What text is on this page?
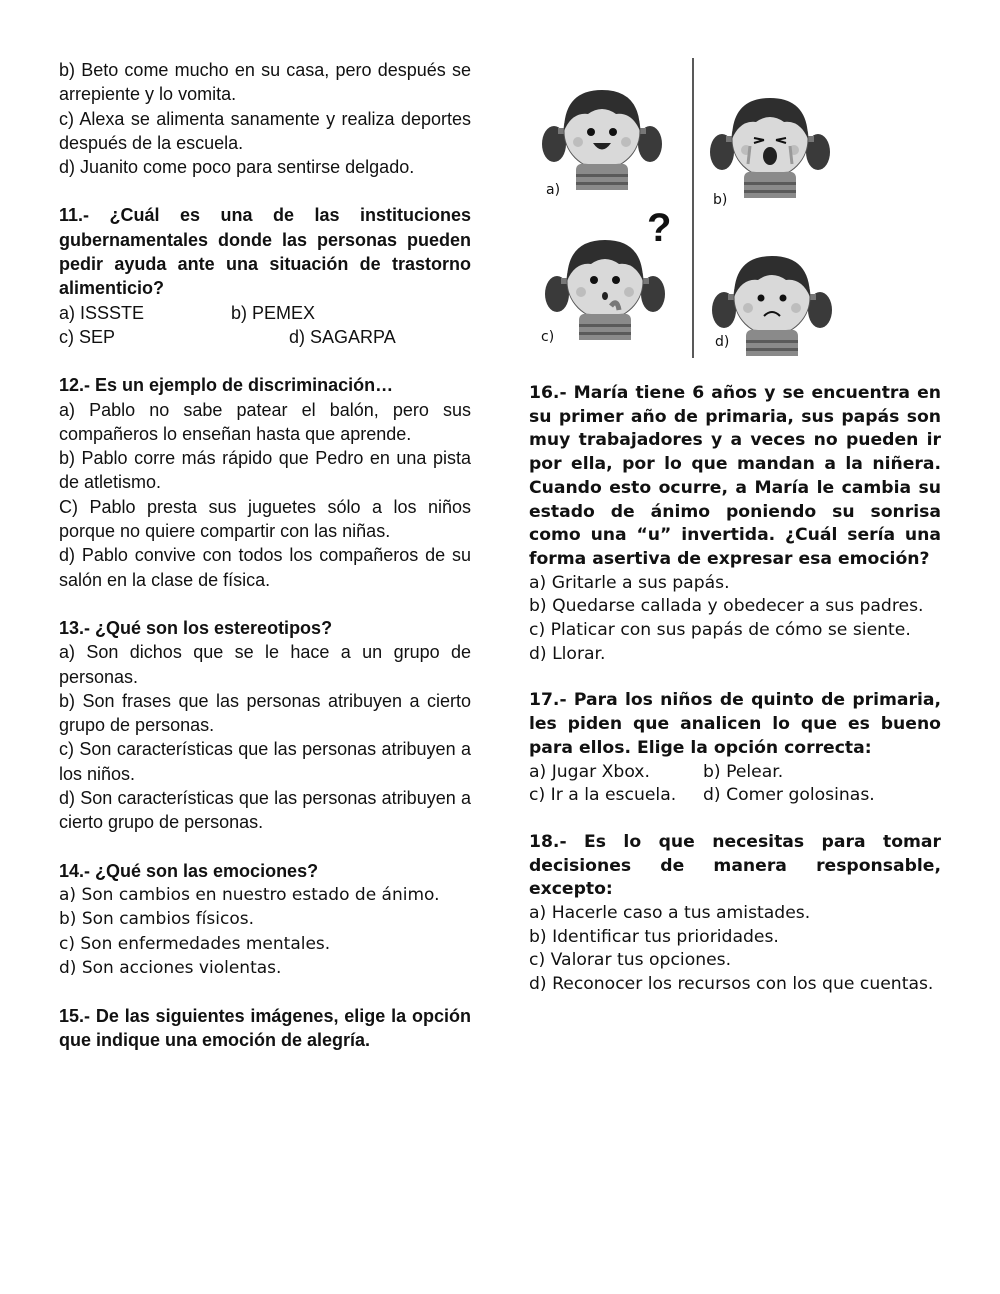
b) Beto come mucho en su casa, pero después se arrepiente y lo vomita.

c) Alexa se alimenta sanamente y realiza deportes después de la escuela.

d) Juanito come poco para sentirse delgado.

11.- ¿Cuál es una de las instituciones gubernamentales donde las personas pueden pedir ayuda ante una situación de trastorno alimenticio?

a) ISSSTE	b) PEMEX
c) SEP	d) SAGARPA

12.- Es un ejemplo de discriminación…

a) Pablo no sabe patear el balón, pero sus compañeros lo enseñan hasta que aprende.

b) Pablo corre más rápido que Pedro en una pista de atletismo.

C) Pablo presta sus juguetes sólo a los niños porque no quiere compartir con las niñas.

d) Pablo convive con todos los compañeros de su salón en la clase de física.

13.- ¿Qué son los estereotipos?

a) Son dichos que se le hace a un grupo de personas.

b) Son frases que las personas atribuyen a cierto grupo de personas.

c) Son características que las personas atribuyen a los niños.

d) Son características que las personas atribuyen a cierto grupo de personas.

14.- ¿Qué son las emociones?

a) Son cambios en nuestro estado de ánimo.

b) Son cambios físicos.

c) Son enfermedades mentales.

d) Son acciones violentas.

15.- De las siguientes imágenes, elige la opción que indique una emoción de alegría.

?
a)
b)
c)	d)

16.- María tiene 6 años y se encuentra en su primer año de primaria, sus papás son muy trabajadores y a veces no pueden ir por ella, por lo que mandan a la niñera. Cuando esto ocurre, a María le cambia su estado de ánimo poniendo su sonrisa como una “u” invertida. ¿Cuál sería una forma asertiva de expresar esa emoción?

a) Gritarle a sus papás.

b) Quedarse callada y obedecer a sus padres.

c) Platicar con sus papás de cómo se siente.

d) Llorar.

17.- Para los niños de quinto de primaria, les piden que analicen lo que es bueno para ellos. Elige la opción correcta:

a) Jugar Xbox.	b) Pelear.
c) Ir a la escuela.	d) Comer golosinas.

18.- Es lo que necesitas para tomar decisiones de manera responsable, excepto:

a) Hacerle caso a tus amistades.

b) Identificar tus prioridades.

c) Valorar tus opciones.

d) Reconocer los recursos con los que cuentas.
